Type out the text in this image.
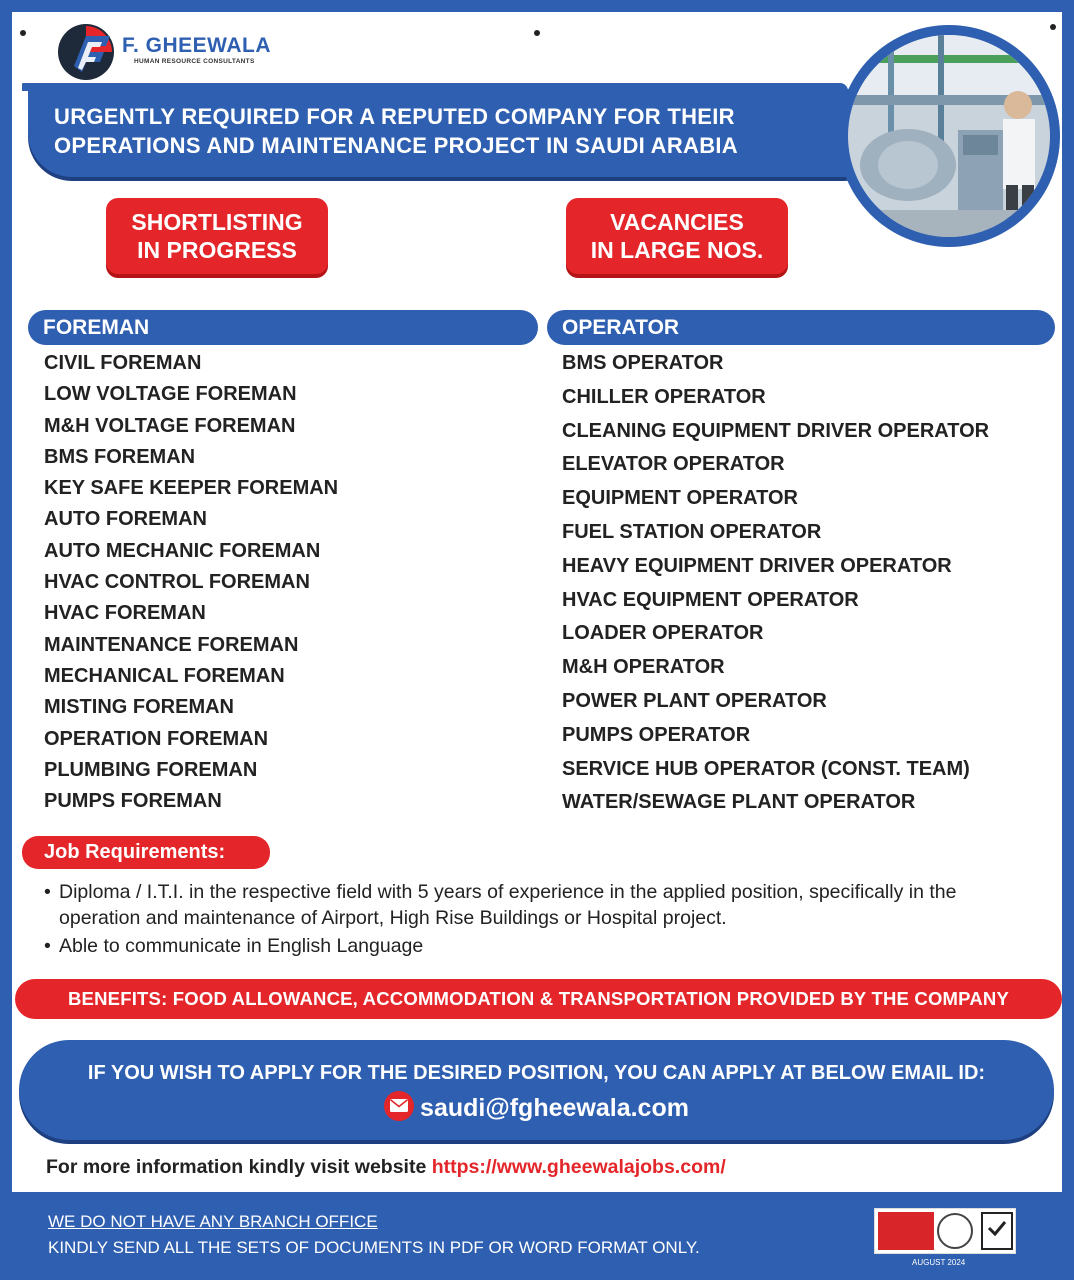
F. GHEEWALA
HUMAN RESOURCE CONSULTANTS
URGENTLY REQUIRED FOR A REPUTED COMPANY FOR THEIR
OPERATIONS AND MAINTENANCE PROJECT IN SAUDI ARABIA
SHORTLISTING
IN PROGRESS
VACANCIES
IN LARGE NOS.
FOREMAN	OPERATOR
CIVIL FOREMAN
LOW VOLTAGE FOREMAN
M&H VOLTAGE FOREMAN
BMS FOREMAN
KEY SAFE KEEPER FOREMAN
AUTO FOREMAN
AUTO MECHANIC FOREMAN
HVAC CONTROL FOREMAN
HVAC FOREMAN
MAINTENANCE FOREMAN
MECHANICAL FOREMAN
MISTING FOREMAN
OPERATION FOREMAN
PLUMBING FOREMAN
PUMPS FOREMAN
BMS OPERATOR
CHILLER OPERATOR
CLEANING EQUIPMENT DRIVER OPERATOR
ELEVATOR OPERATOR
EQUIPMENT OPERATOR
FUEL STATION OPERATOR
HEAVY EQUIPMENT DRIVER OPERATOR
HVAC EQUIPMENT OPERATOR
LOADER OPERATOR
M&H OPERATOR
POWER PLANT OPERATOR
PUMPS OPERATOR
SERVICE HUB OPERATOR (CONST. TEAM)
WATER/SEWAGE PLANT OPERATOR
Job Requirements:
• Diploma / I.T.I. in the respective field with 5 years of experience in the applied position, specifically in the operation and maintenance of Airport, High Rise Buildings or Hospital project.
• Able to communicate in English Language
BENEFITS: FOOD ALLOWANCE, ACCOMMODATION & TRANSPORTATION PROVIDED BY THE COMPANY
IF YOU WISH TO APPLY FOR THE DESIRED POSITION, YOU CAN APPLY AT BELOW EMAIL ID:
saudi@fgheewala.com
For more information kindly visit website https://www.gheewalajobs.com/
WE DO NOT HAVE ANY BRANCH OFFICE
KINDLY SEND ALL THE SETS OF DOCUMENTS IN PDF OR WORD FORMAT ONLY.
AUGUST 2024
